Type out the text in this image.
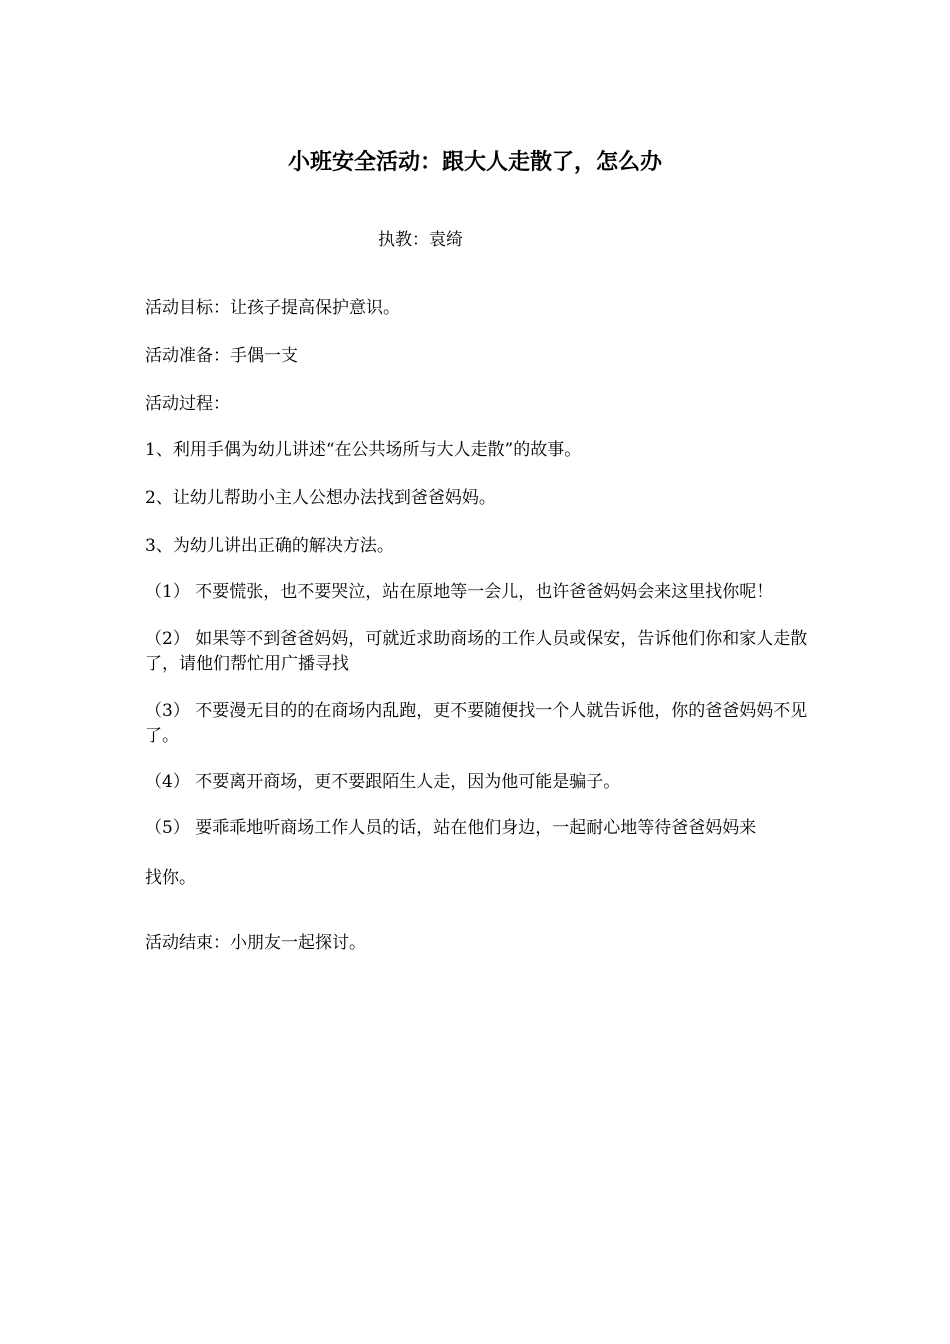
小班安全活动：跟大人走散了，怎么办
执教：袁绮
活动目标：让孩子提高保护意识。
活动准备：手偶一支
活动过程：
1、利用手偶为幼儿讲述“在公共场所与大人走散”的故事。
2、让幼儿帮助小主人公想办法找到爸爸妈妈。
3、为幼儿讲出正确的解决方法。
（1） 不要慌张，也不要哭泣，站在原地等一会儿，也许爸爸妈妈会来这里找你呢！
（2） 如果等不到爸爸妈妈，可就近求助商场的工作人员或保安，告诉他们你和家人走散了，请他们帮忙用广播寻找
（3） 不要漫无目的的在商场内乱跑，更不要随便找一个人就告诉他，你的爸爸妈妈不见了。
（4） 不要离开商场，更不要跟陌生人走，因为他可能是骗子。
（5） 要乖乖地听商场工作人员的话，站在他们身边，一起耐心地等待爸爸妈妈来
找你。
活动结束：小朋友一起探讨。
